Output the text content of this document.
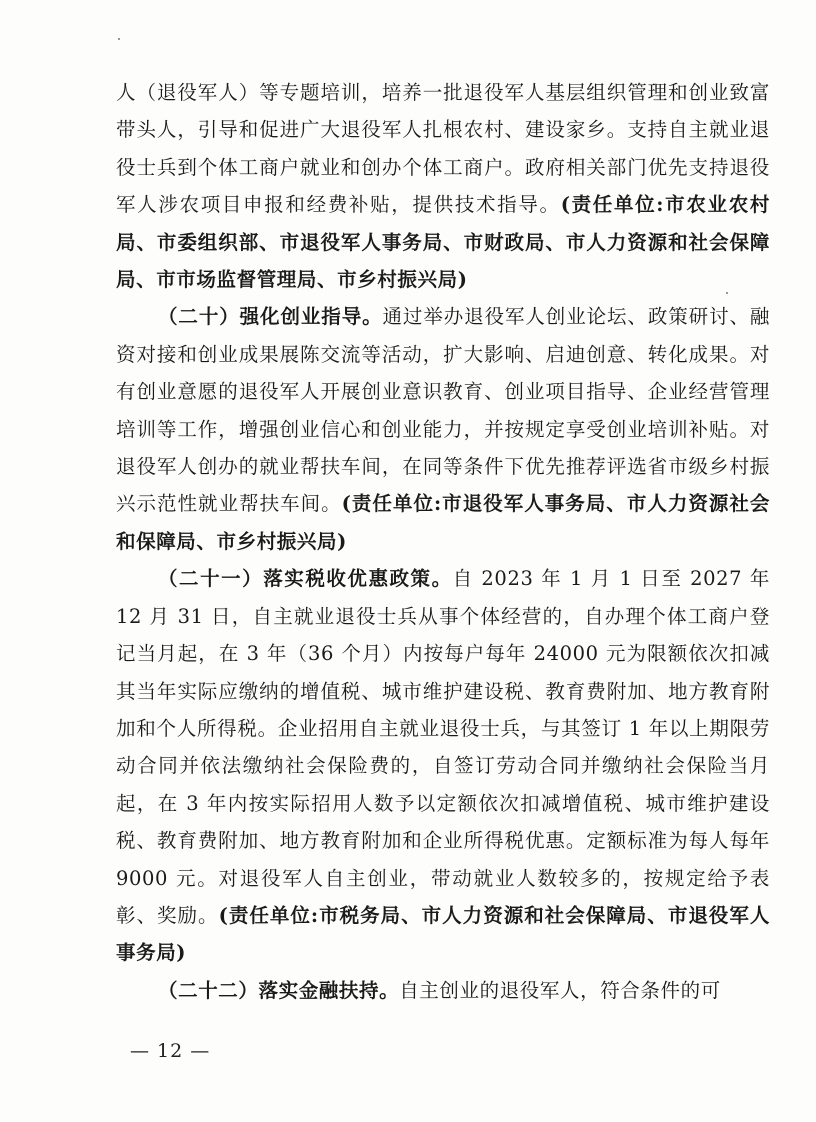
人（退役军人）等专题培训，培养一批退役军人基层组织管理和创业致富带头人，引导和促进广大退役军人扎根农村、建设家乡。支持自主就业退役士兵到个体工商户就业和创办个体工商户。政府相关部门优先支持退役军人涉农项目申报和经费补贴，提供技术指导。(责任单位:市农业农村局、市委组织部、市退役军人事务局、市财政局、市人力资源和社会保障局、市市场监督管理局、市乡村振兴局)

（二十）强化创业指导。通过举办退役军人创业论坛、政策研讨、融资对接和创业成果展陈交流等活动，扩大影响、启迪创意、转化成果。对有创业意愿的退役军人开展创业意识教育、创业项目指导、企业经营管理培训等工作，增强创业信心和创业能力，并按规定享受创业培训补贴。对退役军人创办的就业帮扶车间，在同等条件下优先推荐评选省市级乡村振兴示范性就业帮扶车间。(责任单位:市退役军人事务局、市人力资源社会和保障局、市乡村振兴局)

（二十一）落实税收优惠政策。自 2023 年 1 月 1 日至 2027 年 12 月 31 日，自主就业退役士兵从事个体经营的，自办理个体工商户登记当月起，在 3 年（36 个月）内按每户每年 24000 元为限额依次扣减其当年实际应缴纳的增值税、城市维护建设税、教育费附加、地方教育附加和个人所得税。企业招用自主就业退役士兵，与其签订 1 年以上期限劳动合同并依法缴纳社会保险费的，自签订劳动合同并缴纳社会保险当月起，在 3 年内按实际招用人数予以定额依次扣减增值税、城市维护建设税、教育费附加、地方教育附加和企业所得税优惠。定额标准为每人每年 9000 元。对退役军人自主创业，带动就业人数较多的，按规定给予表彰、奖励。(责任单位:市税务局、市人力资源和社会保障局、市退役军人事务局)

（二十二）落实金融扶持。自主创业的退役军人，符合条件的可

— 12 —
